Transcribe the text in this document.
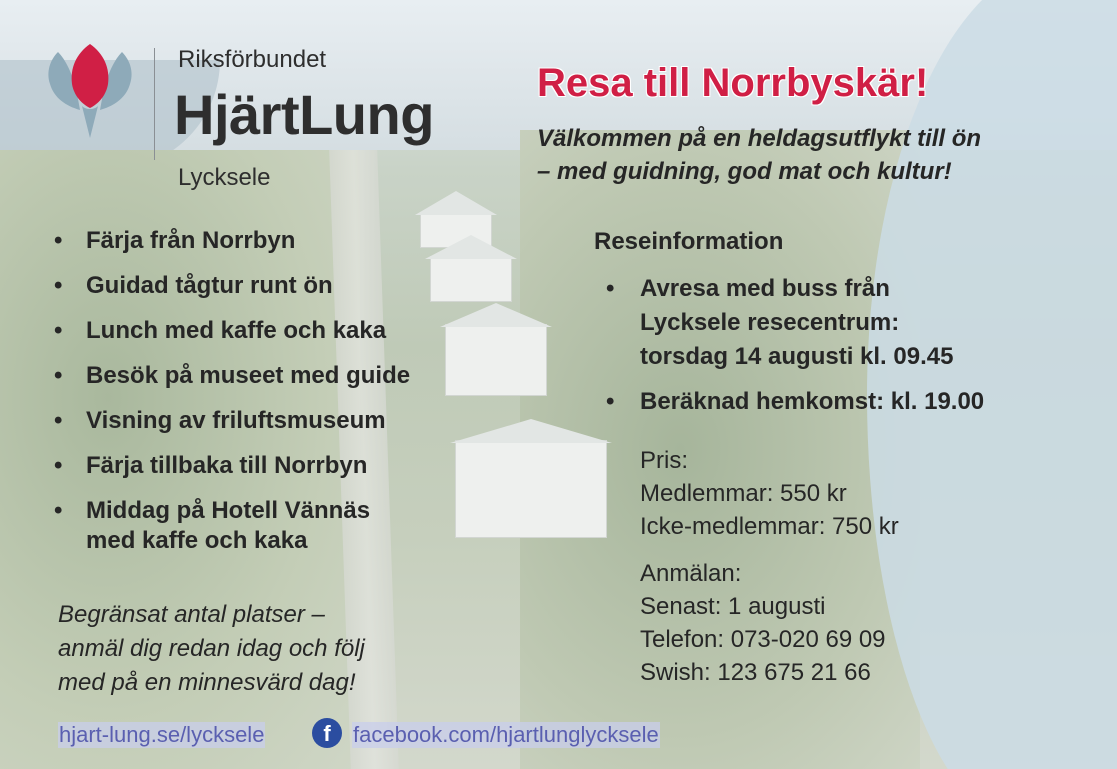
Riksförbundet
HjärtLung
Lycksele
Resa till Norrbyskär!
Välkommen på en heldagsutflykt till ön
– med guidning, god mat och kultur!
• Färja från Norrbyn
• Guidad tågtur runt ön
• Lunch med kaffe och kaka
• Besök på museet med guide
• Visning av friluftsmuseum
• Färja tillbaka till Norrbyn
• Middag på Hotell Vännäs
med kaffe och kaka
Begränsat antal platser –
anmäl dig redan idag och följ
med på en minnesvärd dag!
Reseinformation
• Avresa med buss från
Lycksele resecentrum:
torsdag 14 augusti kl. 09.45
• Beräknad hemkomst: kl. 19.00
Pris:
Medlemmar: 550 kr
Icke-medlemmar: 750 kr
Anmälan:
Senast: 1 augusti
Telefon: 073-020 69 09
Swish: 123 675 21 66
hjart-lung.se/lycksele	f	facebook.com/hjartlunglycksele
